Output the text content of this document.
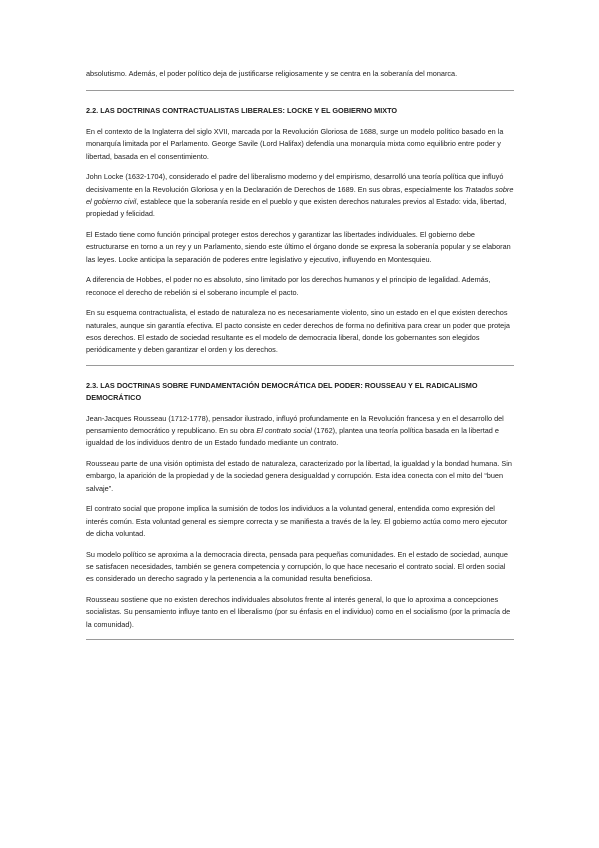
absolutismo. Además, el poder político deja de justificarse religiosamente y se centra en la soberanía del monarca.

2.2. LAS DOCTRINAS CONTRACTUALISTAS LIBERALES: LOCKE Y EL GOBIERNO MIXTO

En el contexto de la Inglaterra del siglo XVII, marcada por la Revolución Gloriosa de 1688, surge un modelo político basado en la monarquía limitada por el Parlamento. George Savile (Lord Halifax) defendía una monarquía mixta como equilibrio entre poder y libertad, basada en el consentimiento.

John Locke (1632-1704), considerado el padre del liberalismo moderno y del empirismo, desarrolló una teoría política que influyó decisivamente en la Revolución Gloriosa y en la Declaración de Derechos de 1689. En sus obras, especialmente los Tratados sobre el gobierno civil, establece que la soberanía reside en el pueblo y que existen derechos naturales previos al Estado: vida, libertad, propiedad y felicidad.

El Estado tiene como función principal proteger estos derechos y garantizar las libertades individuales. El gobierno debe estructurarse en torno a un rey y un Parlamento, siendo este último el órgano donde se expresa la soberanía popular y se elaboran las leyes. Locke anticipa la separación de poderes entre legislativo y ejecutivo, influyendo en Montesquieu.

A diferencia de Hobbes, el poder no es absoluto, sino limitado por los derechos humanos y el principio de legalidad. Además, reconoce el derecho de rebelión si el soberano incumple el pacto.

En su esquema contractualista, el estado de naturaleza no es necesariamente violento, sino un estado en el que existen derechos naturales, aunque sin garantía efectiva. El pacto consiste en ceder derechos de forma no definitiva para crear un poder que proteja esos derechos. El estado de sociedad resultante es el modelo de democracia liberal, donde los gobernantes son elegidos periódicamente y deben garantizar el orden y los derechos.

2.3. LAS DOCTRINAS SOBRE FUNDAMENTACIÓN DEMOCRÁTICA DEL PODER: ROUSSEAU Y EL RADICALISMO DEMOCRÁTICO

Jean-Jacques Rousseau (1712-1778), pensador ilustrado, influyó profundamente en la Revolución francesa y en el desarrollo del pensamiento democrático y republicano. En su obra El contrato social (1762), plantea una teoría política basada en la libertad e igualdad de los individuos dentro de un Estado fundado mediante un contrato.

Rousseau parte de una visión optimista del estado de naturaleza, caracterizado por la libertad, la igualdad y la bondad humana. Sin embargo, la aparición de la propiedad y de la sociedad genera desigualdad y corrupción. Esta idea conecta con el mito del “buen salvaje”.

El contrato social que propone implica la sumisión de todos los individuos a la voluntad general, entendida como expresión del interés común. Esta voluntad general es siempre correcta y se manifiesta a través de la ley. El gobierno actúa como mero ejecutor de dicha voluntad.

Su modelo político se aproxima a la democracia directa, pensada para pequeñas comunidades. En el estado de sociedad, aunque se satisfacen necesidades, también se genera competencia y corrupción, lo que hace necesario el contrato social. El orden social es considerado un derecho sagrado y la pertenencia a la comunidad resulta beneficiosa.

Rousseau sostiene que no existen derechos individuales absolutos frente al interés general, lo que lo aproxima a concepciones socialistas. Su pensamiento influye tanto en el liberalismo (por su énfasis en el individuo) como en el socialismo (por la primacía de la comunidad).
